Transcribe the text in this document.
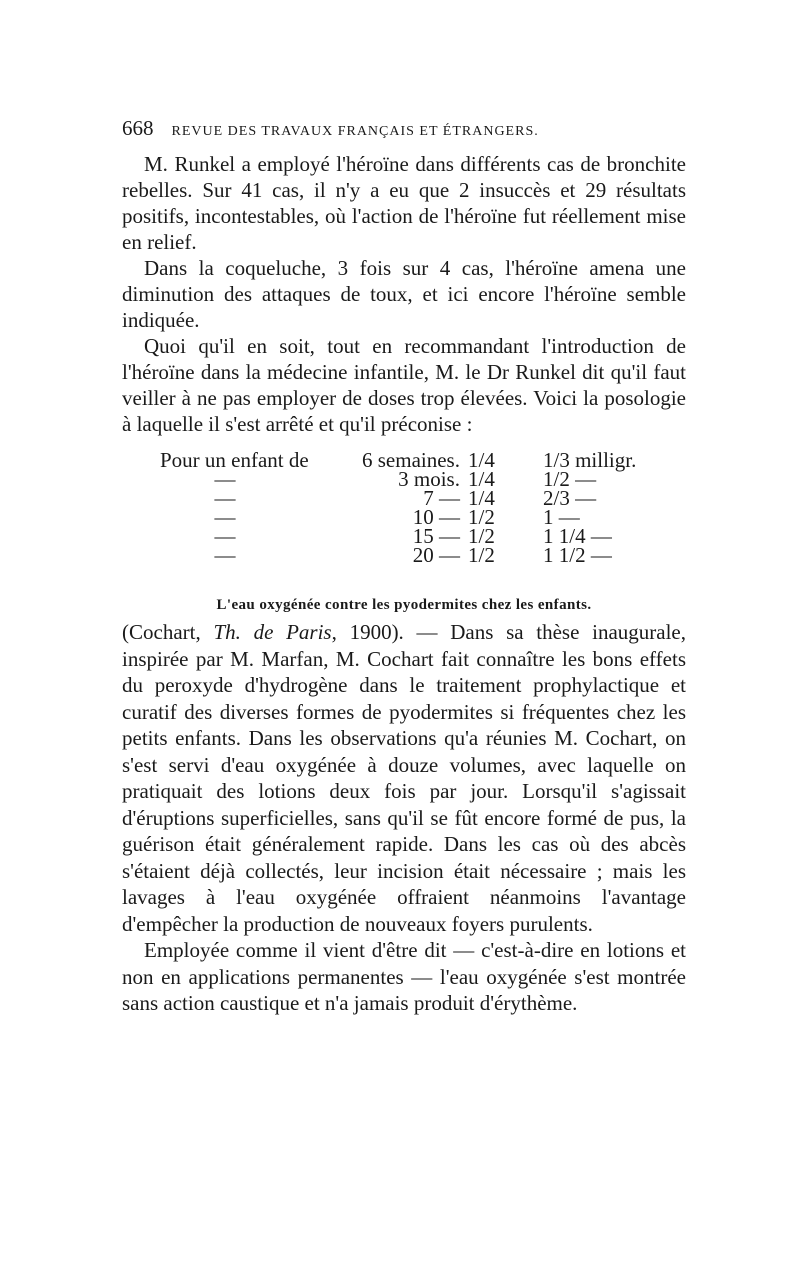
668 REVUE DES TRAVAUX FRANÇAIS ET ÉTRANGERS.

M. Runkel a employé l'héroïne dans différents cas de bronchite rebelles. Sur 41 cas, il n'y a eu que 2 insuccès et 29 résultats positifs, incontestables, où l'action de l'héroïne fut réellement mise en relief.

Dans la coqueluche, 3 fois sur 4 cas, l'héroïne amena une diminution des attaques de toux, et ici encore l'héroïne semble indiquée.

Quoi qu'il en soit, tout en recommandant l'introduction de l'héroïne dans la médecine infantile, M. le Dr Runkel dit qu'il faut veiller à ne pas employer de doses trop élevées. Voici la posologie à laquelle il s'est arrêté et qu'il préconise :

Pour un enfant de	6 semaines.	1/4	1/3 milligr.
—	3 mois.	1/4	1/2 —
—	7 —	1/4	2/3 —
—	10 —	1/2	1 —
—	15 —	1/2	1 1/4 —
—	20 —	1/2	1 1/2 —
L'eau oxygénée contre les pyodermites chez les enfants.

(Cochart, Th. de Paris, 1900). — Dans sa thèse inaugurale, inspirée par M. Marfan, M. Cochart fait connaître les bons effets du peroxyde d'hydrogène dans le traitement prophylactique et curatif des diverses formes de pyodermites si fréquentes chez les petits enfants. Dans les observations qu'a réunies M. Cochart, on s'est servi d'eau oxygénée à douze volumes, avec laquelle on pratiquait des lotions deux fois par jour. Lorsqu'il s'agissait d'éruptions superficielles, sans qu'il se fût encore formé de pus, la guérison était généralement rapide. Dans les cas où des abcès s'étaient déjà collectés, leur incision était nécessaire ; mais les lavages à l'eau oxygénée offraient néanmoins l'avantage d'empêcher la production de nouveaux foyers purulents.

Employée comme il vient d'être dit — c'est-à-dire en lotions et non en applications permanentes — l'eau oxygénée s'est montrée sans action caustique et n'a jamais produit d'érythème.
